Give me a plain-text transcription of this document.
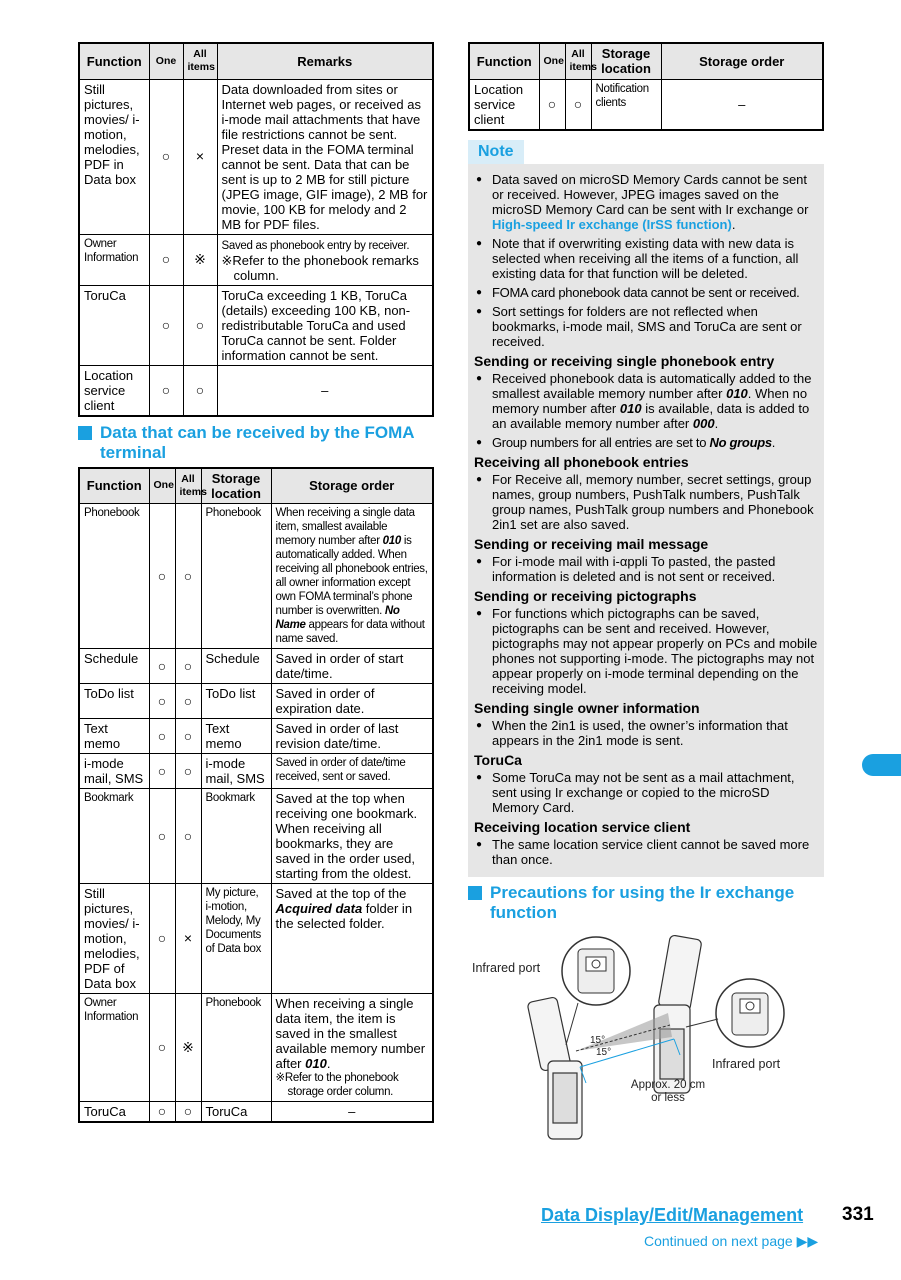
Function	One	All items	Remarks
Still pictures, movies/ i-motion, melodies, PDF in Data box	○	×	Data downloaded from sites or Internet web pages, or received as i-mode mail attachments that have file restrictions cannot be sent. Preset data in the FOMA terminal cannot be sent. Data that can be sent is up to 2 MB for still picture (JPEG image, GIF image), 2 MB for movie, 100 KB for melody and 2 MB for PDF files.
Owner Information	○	※	Saved as phonebook entry by receiver.
※Refer to the phonebook remarks column.

ToruCa	○	○	ToruCa exceeding 1 KB, ToruCa (details) exceeding 100 KB, non-redistributable ToruCa and used ToruCa cannot be sent. Folder information cannot be sent.
Location service client	○	○	–
Data that can be received by the FOMA terminal
Function	One	All items	Storage location	Storage order
Phonebook	○	○	Phonebook	When receiving a single data item, smallest available memory number after 010 is automatically added. When receiving all phonebook entries, all owner information except own FOMA terminal’s phone number is overwritten. No Name appears for data without name saved.
Schedule	○	○	Schedule	Saved in order of start date/time.
ToDo list	○	○	ToDo list	Saved in order of expiration date.
Text memo	○	○	Text memo	Saved in order of last revision date/time.
i-mode mail, SMS	○	○	i-mode mail, SMS	Saved in order of date/time received, sent or saved.
Bookmark	○	○	Bookmark	Saved at the top when receiving one bookmark. When receiving all bookmarks, they are saved in the order used, starting from the oldest.
Still pictures, movies/ i-motion, melodies, PDF of Data box	○	×	My picture, i-motion, Melody, My Documents of Data box	Saved at the top of the Acquired data folder in the selected folder.
Owner Information	○	※	Phonebook	When receiving a single data item, the item is saved in the smallest available memory number after 010.
※Refer to the phonebook storage order column.

ToruCa	○	○	ToruCa	–
Function	One	All items	Storage location	Storage order
Location service client	○	○	Notification clients	–
Note
● Data saved on microSD Memory Cards cannot be sent or received. However, JPEG images saved on the microSD Memory Card can be sent with Ir exchange or High-speed Ir exchange (IrSS function).
● Note that if overwriting existing data with new data is selected when receiving all the items of a function, all existing data for that function will be deleted.
● FOMA card phonebook data cannot be sent or received.
● Sort settings for folders are not reflected when bookmarks, i-mode mail, SMS and ToruCa are sent or received.
Sending or receiving single phonebook entry
● Received phonebook data is automatically added to the smallest available memory number after 010. When no memory number after 010 is available, data is added to an available memory number after 000.
● Group numbers for all entries are set to No groups.
Receiving all phonebook entries
● For Receive all, memory number, secret settings, group names, group numbers, PushTalk numbers, PushTalk group names, PushTalk group numbers and Phonebook 2in1 set are also saved.
Sending or receiving mail message
● For i-mode mail with i-αppli To pasted, the pasted information is deleted and is not sent or received.
Sending or receiving pictographs
● For functions which pictographs can be saved, pictographs can be sent and received. However, pictographs may not appear properly on PCs and mobile phones not supporting i-mode. The pictographs may not appear properly on i-mode terminal depending on the receiving model.
Sending single owner information
● When the 2in1 is used, the owner’s information that appears in the 2in1 mode is sent.
ToruCa
● Some ToruCa may not be sent as a mail attachment, sent using Ir exchange or copied to the microSD Memory Card.
Receiving location service client
● The same location service client cannot be saved more than once.
Precautions for using the Ir exchange function
Infrared port
Infrared port
15°
15°
Approx. 20 cm or less
Data Display/Edit/Management 331
Continued on next page ▶▶
